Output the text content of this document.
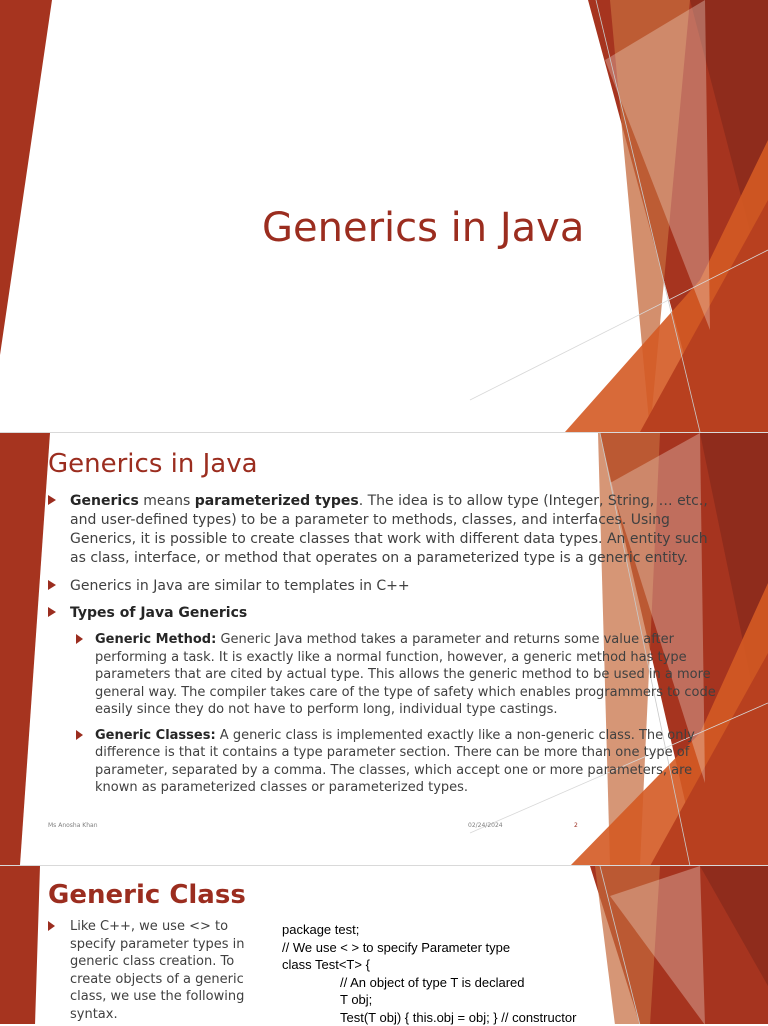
Generics in Java
Generics in Java
Generics means parameterized types. The idea is to allow type (Integer, String, … etc., and user-defined types) to be a parameter to methods, classes, and interfaces. Using Generics, it is possible to create classes that work with different data types. An entity such as class, interface, or method that operates on a parameterized type is a generic entity.
Generics in Java are similar to templates in C++
Types of Java Generics
Generic Method: Generic Java method takes a parameter and returns some value after performing a task. It is exactly like a normal function, however, a generic method has type parameters that are cited by actual type. This allows the generic method to be used in a more general way. The compiler takes care of the type of safety which enables programmers to code easily since they do not have to perform long, individual type castings.
Generic Classes: A generic class is implemented exactly like a non-generic class. The only difference is that it contains a type parameter section. There can be more than one type of parameter, separated by a comma. The classes, which accept one or more parameters, are known as parameterized classes or parameterized types.
Ms Anosha Khan	02/24/2024	2
Generic Class
Like C++, we use <> to specify parameter types in generic class creation. To create objects of a generic class, we use the following syntax.
package test;
// We use < > to specify Parameter type
class Test<T> {
// An object of type T is declared
T obj;
Test(T obj) { this.obj = obj; } // constructor
